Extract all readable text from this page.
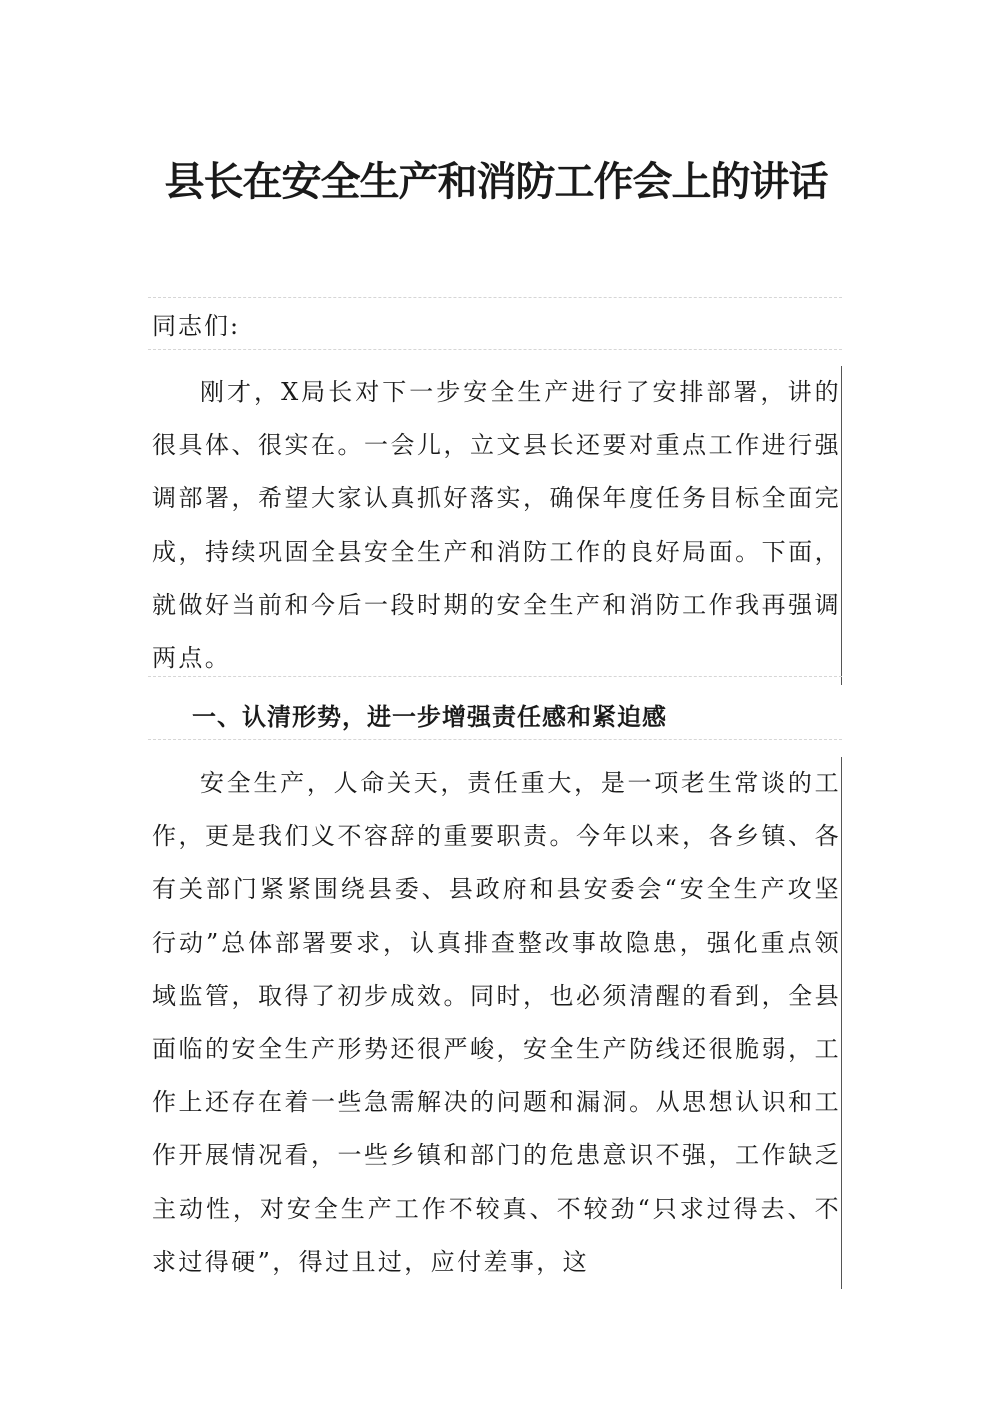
县长在安全生产和消防工作会上的讲话
同志们:

刚才，X局长对下一步安全生产进行了安排部署，讲的很具体、很实在。一会儿，立文县长还要对重点工作进行强调部署，希望大家认真抓好落实，确保年度任务目标全面完成，持续巩固全县安全生产和消防工作的良好局面。下面，就做好当前和今后一段时期的安全生产和消防工作我再强调两点。

一、认清形势，进一步增强责任感和紧迫感

安全生产，人命关天，责任重大，是一项老生常谈的工作，更是我们义不容辞的重要职责。今年以来，各乡镇、各有关部门紧紧围绕县委、县政府和县安委会“安全生产攻坚行动”总体部署要求，认真排查整改事故隐患，强化重点领域监管，取得了初步成效。同时，也必须清醒的看到，全县面临的安全生产形势还很严峻，安全生产防线还很脆弱，工作上还存在着一些急需解决的问题和漏洞。从思想认识和工作开展情况看，一些乡镇和部门的危患意识不强，工作缺乏主动性，对安全生产工作不较真、不较劲“只求过得去、不求过得硬”，得过且过，应付差事，这
